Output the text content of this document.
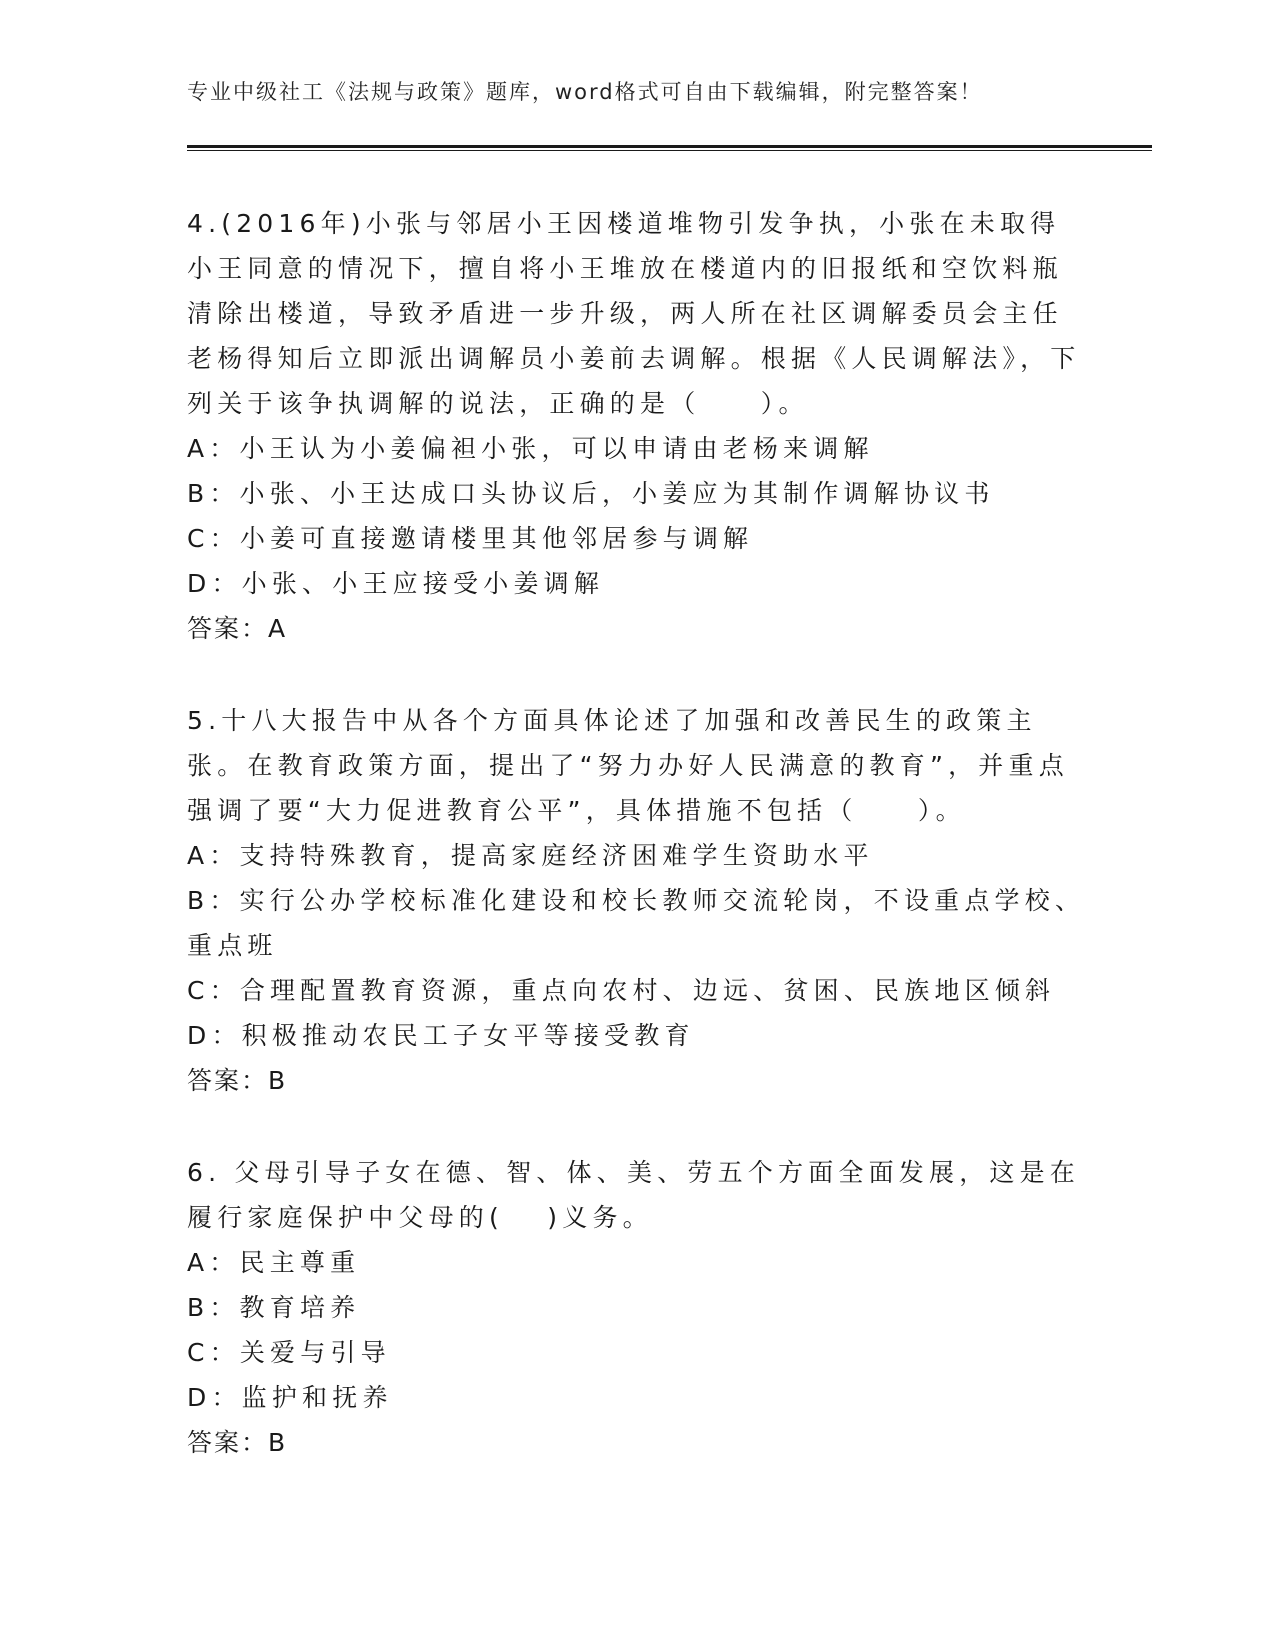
专业中级社工《法规与政策》题库，word格式可自由下载编辑，附完整答案！

4.(2016年)小张与邻居小王因楼道堆物引发争执，小张在未取得小王同意的情况下，擅自将小王堆放在楼道内的旧报纸和空饮料瓶清除出楼道，导致矛盾进一步升级，两人所在社区调解委员会主任老杨得知后立即派出调解员小姜前去调解。根据《人民调解法》，下列关于该争执调解的说法，正确的是（　　）。

A：小王认为小姜偏袒小张，可以申请由老杨来调解

B：小张、小王达成口头协议后，小姜应为其制作调解协议书

C：小姜可直接邀请楼里其他邻居参与调解

D：小张、小王应接受小姜调解

答案：A

5.十八大报告中从各个方面具体论述了加强和改善民生的政策主张。在教育政策方面，提出了“努力办好人民满意的教育”，并重点强调了要“大力促进教育公平”，具体措施不包括（　　）。

A：支持特殊教育，提高家庭经济困难学生资助水平

B：实行公办学校标准化建设和校长教师交流轮岗，不设重点学校、重点班

C：合理配置教育资源，重点向农村、边远、贫困、民族地区倾斜

D：积极推动农民工子女平等接受教育

答案：B

6. 父母引导子女在德、智、体、美、劳五个方面全面发展，这是在履行家庭保护中父母的(　 )义务。

A：民主尊重

B：教育培养

C：关爱与引导

D：监护和抚养

答案：B
